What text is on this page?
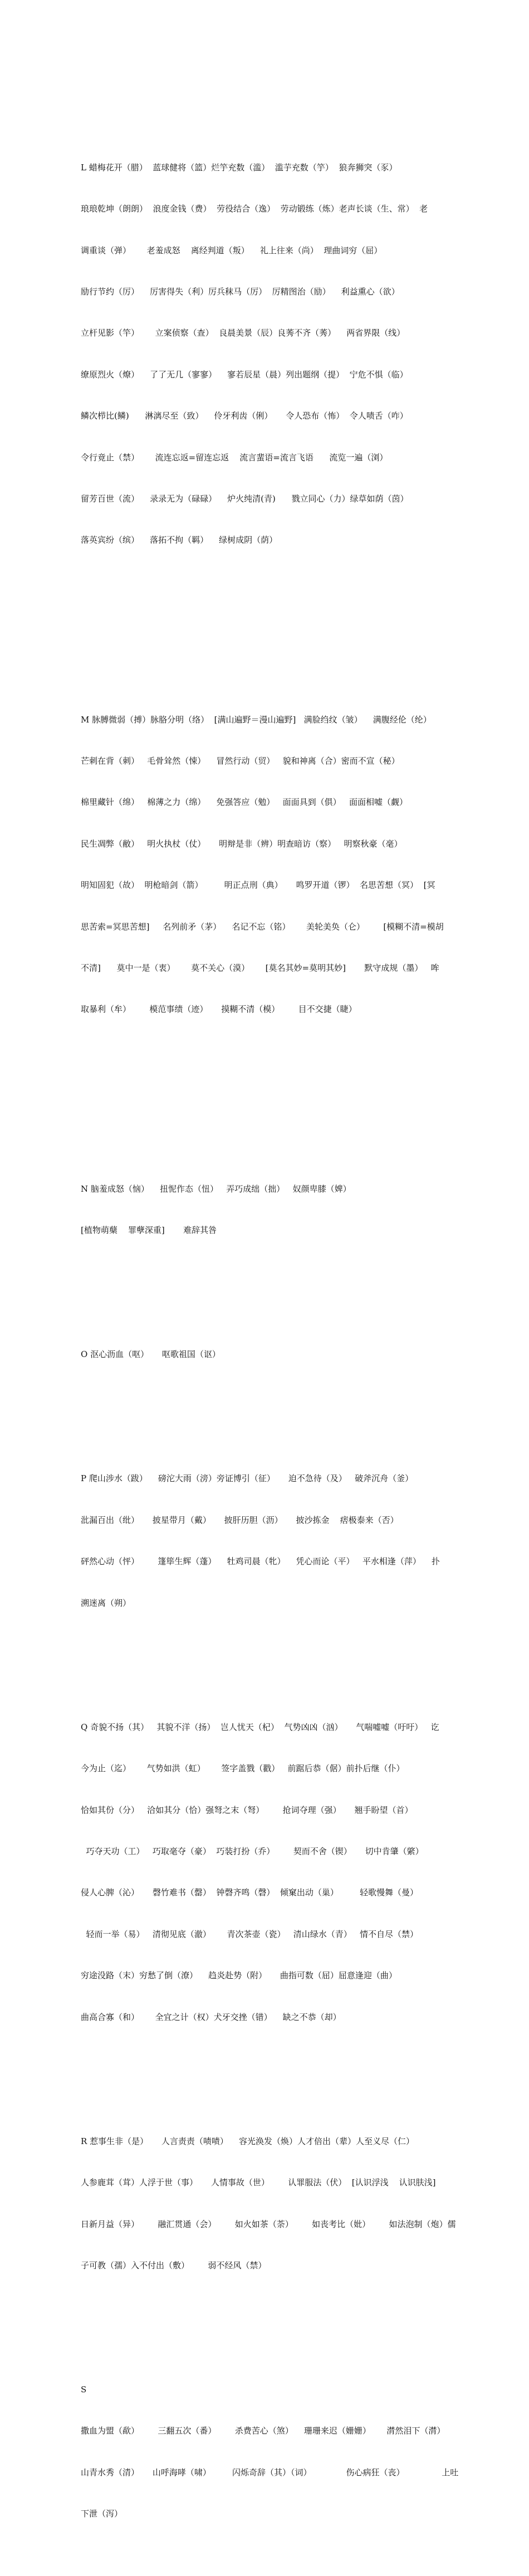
L 蜡梅花开（腊）  蓝球健将（篮）烂竽充数（滥）  滥芋充数（竽）  狼奔狮突（豕）

琅琅乾坤（朗朗）  浪度金钱（费）  劳役结合（逸）  劳动锻练（炼）老声长谈（生、常）  老

调重谈（弹）      老羞成怒    离经判道（叛）    礼上往来（尚）  理曲词穷（屈）

励行节约（厉）    厉害得失（利）厉兵秣马（厉）  厉精图治（励）    利益熏心（欲）

立杆见影（竿）      立案侦察（查）  良晨美景（辰）良莠不齐（莠）    两省界限（线）

缭原烈火（燎）    了了无几（寥寥）    寥若辰星（晨）列出题纲（提）  宁危不惧（临）

鳞次栉比(鳞)      淋漓尽至（致）    伶牙利齿（俐）     令人恐布（怖）  令人啧舌（咋）

令行竟止（禁）      流连忘返=留连忘返    流言蜚语=流言飞语      流览一遍（浏）

留芳百世（流）    录录无为（碌碌）    炉火纯清(青)      戮立同心（力）绿草如荫（茵）

落英宾纷（缤）    落拓不拘（羁）    绿树成阴（荫）

M 脉膊微弱（搏）脉胳分明（络）  [满山遍野＝漫山遍野]   满脸绉纹（皱）    满腹经伦（纶）

芒刺在背（刺）   毛骨耸然（悚）    冒然行动（贸）   貌和神离（合）密而不宣（秘）

棉里藏针（绵）   棉薄之力（绵）    免强答应（勉）   面面具到（俱）   面面相嘘（觑）

民生凋弊（敝）   明火执杖（仗）     明辩是非（辨）明查暗访（察）   明察秋豪（毫）

明知固犯（故）  明枪暗剑（箭）        明正点刑（典）     鸣罗开道（锣）  名思苦想（冥）  [冥

思苦索=冥思苦想]     名列前矛（茅）    名记不忘（铭）      美轮美奂（仑）       [模糊不清=模胡

不清]      莫中一是（衷）      莫不关心（漠）      [莫名其妙=莫明其妙]       默守成规（墨）   哞

取暴利（牟）       模范事绩（迹）     摸糊不清（模）       目不交捷（睫）

N 脑羞成怒（恼）    扭怩作态（忸）   弄巧成绌（拙）   奴颜卑膝（婢）

[植物萌蘖    罪孽深重]       难辞其咎

O 沤心沥血（呕）     呕歌祖国（讴）

P 爬山涉水（跋）    磅沱大雨（滂）旁证博引（征）     迫不急待（及）   破斧沉舟（釜）

沘漏百出（纰）     披星带月（戴）     披肝历胆（沥）     披沙拣金    痞极泰来（否）

砰然心动（怦）       篷筚生辉（蓬）    牡鸡司晨（牝）    凭心而论（平）   平水相逢（萍）    扑

溯迷离（朔）

Q 奇貌不扬（其）   其貌不洋（扬）  岂人忧天（杞）  气势凶凶（汹）     气喘嘘嘘（吁吁）   讫

今为止（迄）      气势如洪（虹）      签字盖戮（戳）   前踞后恭（倨）前扑后继（仆）

恰如其份（分）   洽如其分（恰）强弩之末（弩）       抢词夺理（强）     翘手盼望（首）

巧夺天功（工）   巧取毫夺（豪）  巧装打扮（乔）       契而不舍（锲）     切中肯肇（綮）

侵人心脾（沁）     磬竹难书（罄）  钟磬齐鸣（磬）  倾窠出动（巢）        轻歌慢舞（曼）

轻而一举（易）   清彻见底（澈）      青次茶壶（瓷）   清山绿水（青）   情不自尽（禁）

穷途没路（末）穷愁了倒（潦）    趋炎赴势（附）     曲指可数（屈）屈意逢迎（曲）

曲高合寡（和）      全宜之计（权）犬牙交挫（错）    缺之不恭（却）

R 惹事生非（是）     人言责责（啧啧）    容光涣发（焕）人才倍出（辈）人至义尽（仁）

人参鹿茸（茸）人浮于世（事）     人情事故（世）       认罪服法（伏）  [认识浮浅    认识肤浅]

日新月益（异）       融汇贯通（会）       如火如茶（荼）       如丧考比（妣）       如法泡制（炮）儒

子可教（孺）入不付出（敷）       弱不经风（禁）

S

撒血为盟（歃）       三翻五次（番）       杀费苦心（煞）    珊珊来迟（姗姗）      潸然泪下（潸）

山青水秀（清）     山呼海哮（啸）        闪烁奇辞（其）（词）             伤心病狂（丧）              上吐

下泄（泻）
